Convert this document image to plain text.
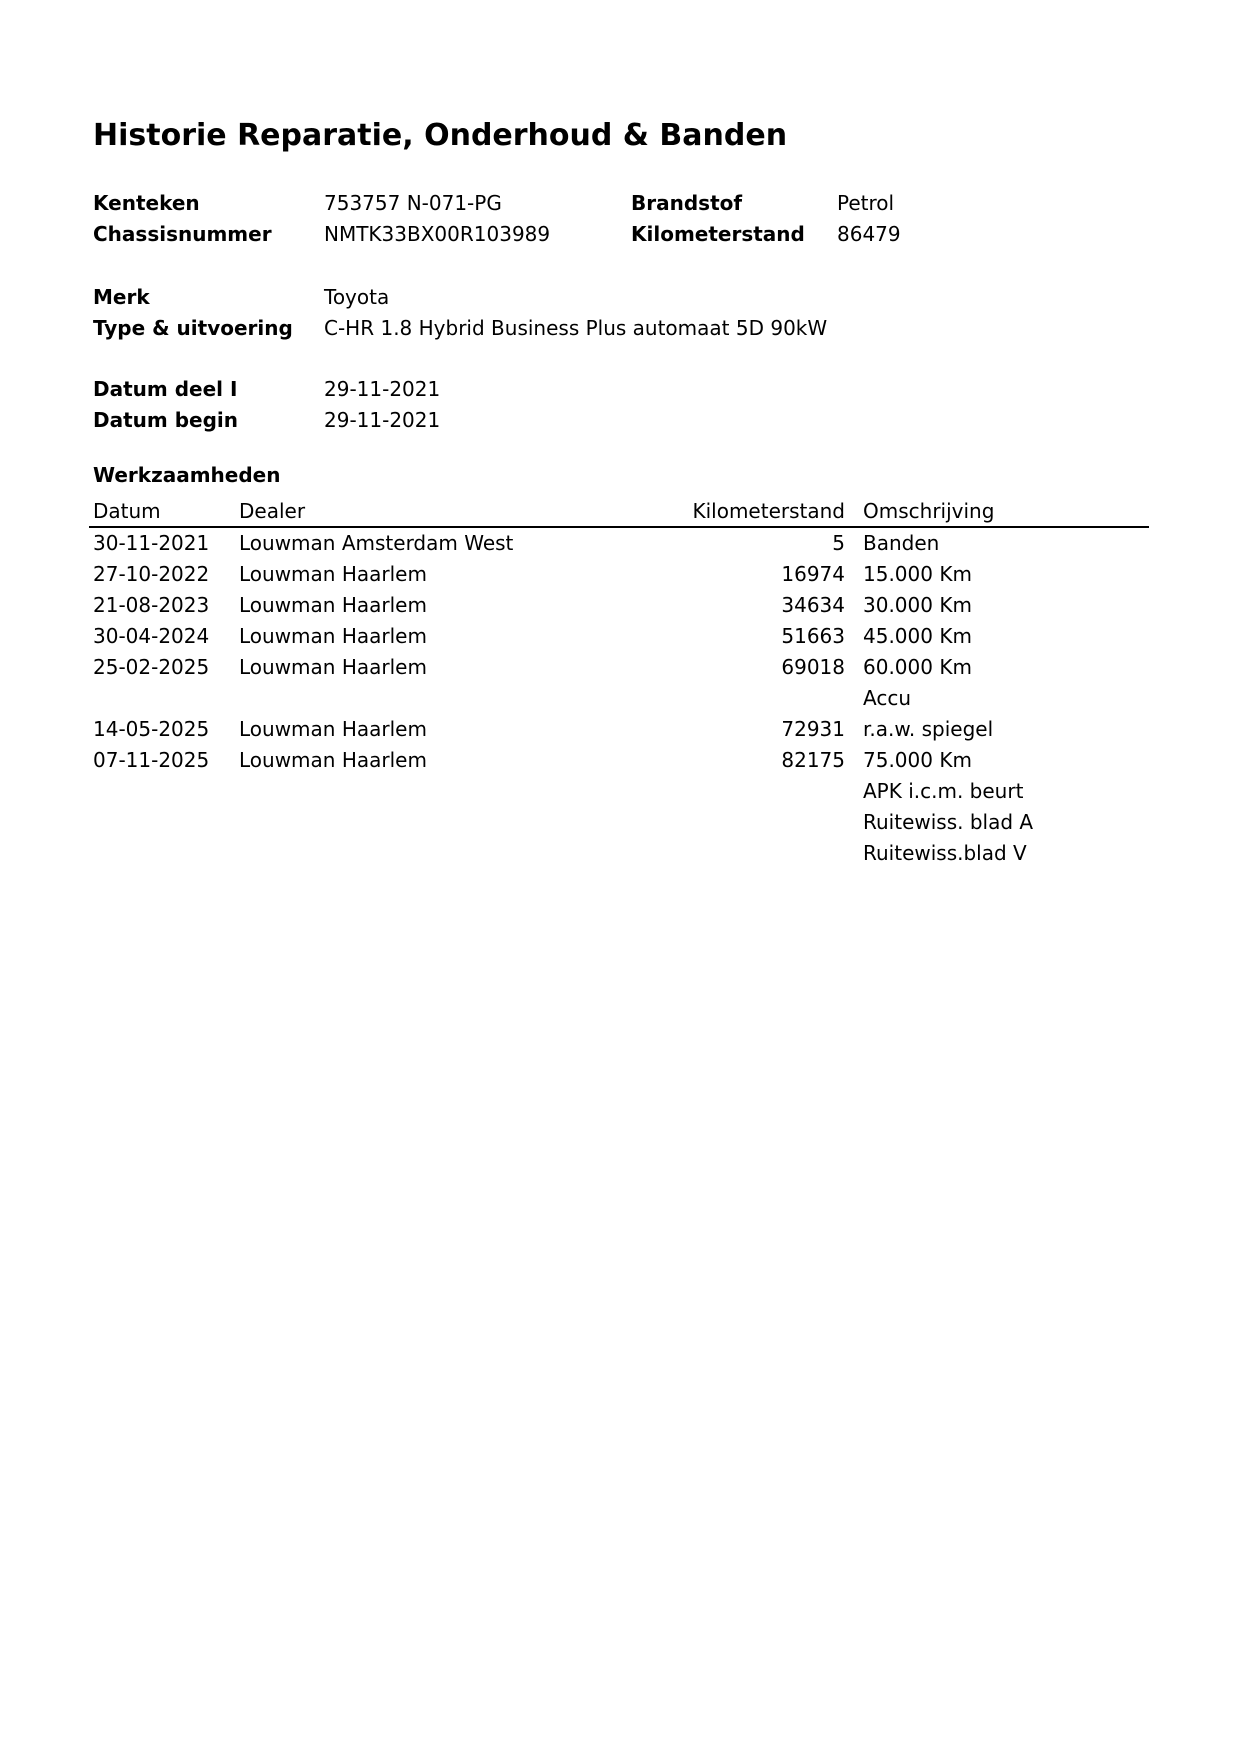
Historie Reparatie, Onderhoud & Banden
Kenteken	753757 N-071-PG	Brandstof	Petrol
Chassisnummer	NMTK33BX00R103989	Kilometerstand 86479
Merk	Toyota
Type & uitvoering C-HR 1.8 Hybrid Business Plus automaat 5D 90kW
Datum deel I	29-11-2021
Datum begin	29-11-2021
Werkzaamheden
Datum	Dealer	Kilometerstand Omschrijving
30-11-2021 Louwman Amsterdam West	5 Banden
27-10-2022 Louwman Haarlem	16974 15.000 Km
21-08-2023 Louwman Haarlem	34634 30.000 Km
30-04-2024 Louwman Haarlem	51663 45.000 Km
25-02-2025 Louwman Haarlem	69018 60.000 Km
Accu
14-05-2025 Louwman Haarlem	72931 r.a.w. spiegel
07-11-2025 Louwman Haarlem	82175 75.000 Km
APK i.c.m. beurt
Ruitewiss. blad A
Ruitewiss.blad V
